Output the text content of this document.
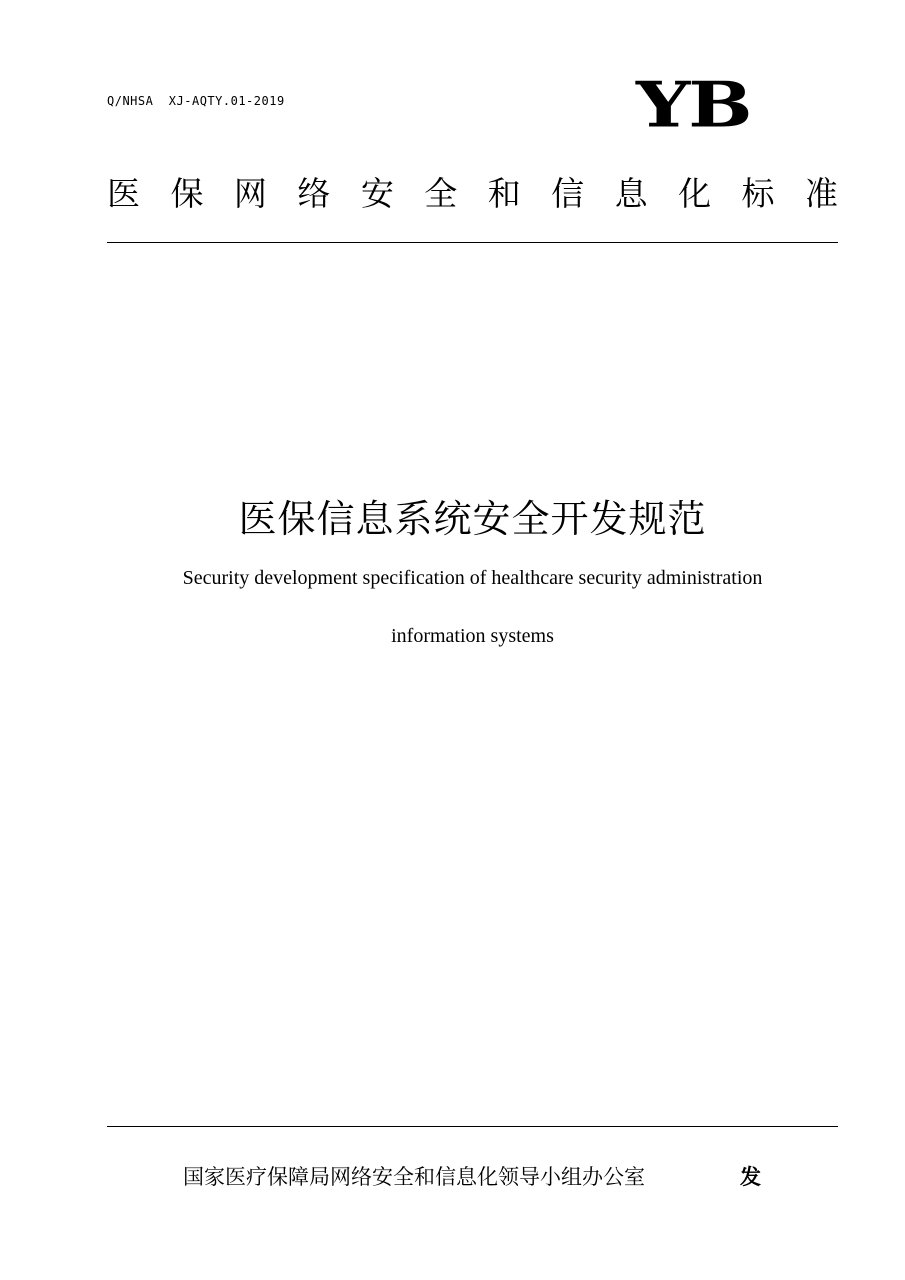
Q/NHSA  XJ-AQTY.01-2019	YB
医 保 网 络 安 全 和 信 息 化 标 准
医保信息系统安全开发规范
Security development specification of healthcare security administration
information systems
国家医疗保障局网络安全和信息化领导小组办公室	发
